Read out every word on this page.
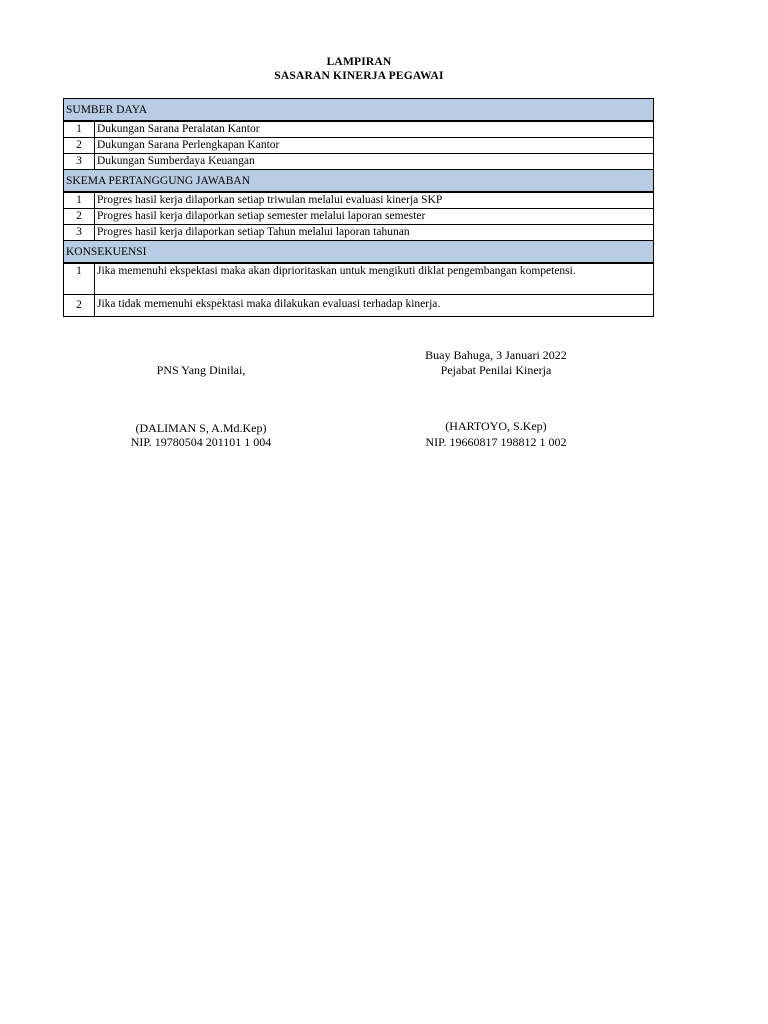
LAMPIRAN
SASARAN KINERJA PEGAWAI
SUMBER DAYA	
1	Dukungan Sarana Peralatan Kantor
2	Dukungan Sarana Perlengkapan Kantor
3	Dukungan Sumberdaya Keuangan
SKEMA PERTANGGUNG JAWABAN	
1	Progres hasil kerja dilaporkan setiap triwulan melalui evaluasi kinerja SKP
2	Progres hasil kerja dilaporkan setiap semester melalui laporan semester
3	Progres hasil kerja dilaporkan setiap Tahun melalui laporan tahunan
KONSEKUENSI	
1	Jika memenuhi ekspektasi maka akan diprioritaskan untuk mengikuti diklat pengembangan kompetensi.
2	Jika tidak memenuhi ekspektasi maka dilakukan evaluasi terhadap kinerja.
Buay Bahuga, 3 Januari 2022
PNS Yang Dinilai,	Pejabat Penilai Kinerja
(DALIMAN S, A.Md.Kep)
NIP. 19780504 201101 1 004
(HARTOYO, S.Kep)
NIP. 19660817 198812 1 002
